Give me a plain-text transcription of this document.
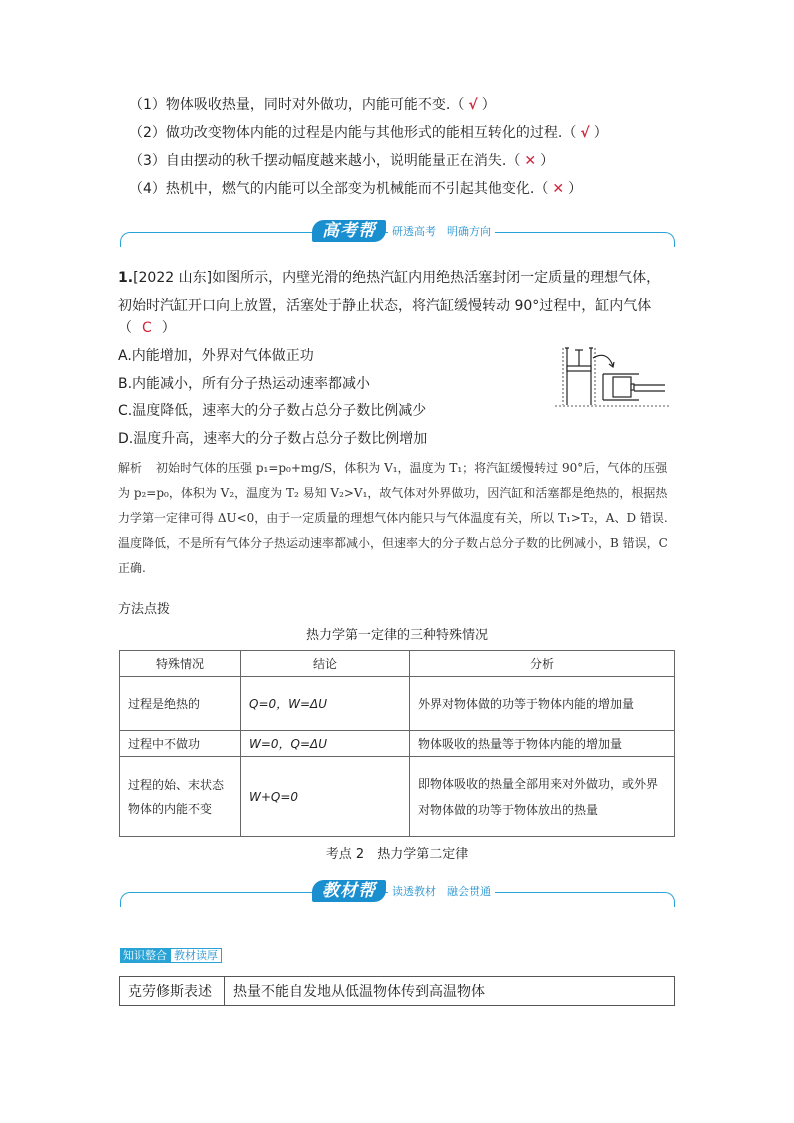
（1）物体吸收热量，同时对外做功，内能可能不变.（ √ ）
（2）做功改变物体内能的过程是内能与其他形式的能相互转化的过程.（ √ ）
（3）自由摆动的秋千摆动幅度越来越小，说明能量正在消失.（ ✕ ）
（4）热机中，燃气的内能可以全部变为机械能而不引起其他变化.（ ✕ ）
高考帮	研透高考　明确方向
1.[2022 山东]如图所示，内壁光滑的绝热汽缸内用绝热活塞封闭一定质量的理想气体，初始时汽缸开口向上放置，活塞处于静止状态，将汽缸缓慢转动 90°过程中，缸内气体
（ C ）
A.内能增加，外界对气体做正功
B.内能减小，所有分子热运动速率都减小
C.温度降低，速率大的分子数占总分子数比例减少
D.温度升高，速率大的分子数占总分子数比例增加
解析 初始时气体的压强 p₁=p₀+mg/S，体积为 V₁，温度为 T₁；将汽缸缓慢转过 90°后，气体的压强为 p₂=p₀，体积为 V₂，温度为 T₂ 易知 V₂>V₁，故气体对外界做功，因汽缸和活塞都是绝热的，根据热力学第一定律可得 ΔU<0，由于一定质量的理想气体内能只与气体温度有关，所以 T₁>T₂，A、D 错误.温度降低，不是所有气体分子热运动速率都减小，但速率大的分子数占总分子数的比例减小，B 错误，C 正确.
方法点拨
热力学第一定律的三种特殊情况
特殊情况	结论	分析
过程是绝热的	Q=0，W=ΔU	外界对物体做的功等于物体内能的增加量
过程中不做功	W=0，Q=ΔU	物体吸收的热量等于物体内能的增加量
过程的始、末状态物体的内能不变	W+Q=0	即物体吸收的热量全部用来对外做功，或外界对物体做的功等于物体放出的热量
考点 2　热力学第二定律
教材帮	读透教材　融会贯通
知识整合 教材读厚
克劳修斯表述	热量不能自发地从低温物体传到高温物体
